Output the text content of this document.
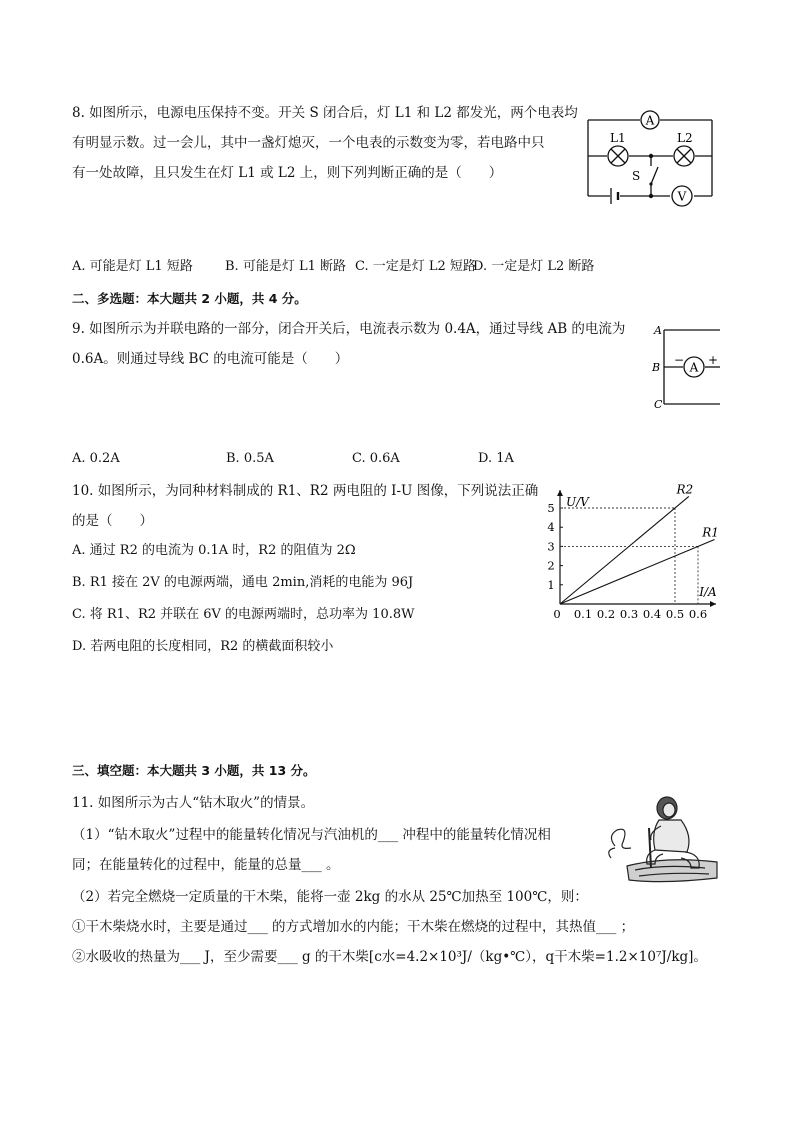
8. 如图所示，电源电压保持不变。开关 S 闭合后，灯 L1 和 L2 都发光，两个电表均
有明显示数。过一会儿，其中一盏灯熄灭，一个电表的示数变为零，若电路中只
有一处故障，且只发生在灯 L1 或 L2 上，则下列判断正确的是（　　）
A
V
L1	L2
S
A. 可能是灯 L1 短路 B. 可能是灯 L1 断路 C. 一定是灯 L2 短路
D. 一定是灯 L2 断路
二、多选题：本大题共 2 小题，共 4 分。
9. 如图所示为并联电路的一部分，闭合开关后，电流表示数为 0.4A，通过导线 AB 的电流为
0.6A。则通过导线 BC 的电流可能是（　　）
A
B
C
A
− +
A. 0.2A	B. 0.5A	C. 0.6A	D. 1A
10. 如图所示，为同种材料制成的 R1、R2 两电阻的 I-U 图像，下列说法正确
的是（　　）
A. 通过 R2 的电流为 0.1A 时，R2 的阻值为 2Ω
B. R1 接在 2V 的电源两端，通电 2min,消耗的电能为 96J
C. 将 R1、R2 并联在 6V 的电源两端时，总功率为 10.8W
D. 若两电阻的长度相同，R2 的横截面积较小
0 0.1 0.2 0.3 0.4 0.5 0.6
1
2
3
4
5 U/V
I/A
R2
R1
三、填空题：本大题共 3 小题，共 13 分。
11. 如图所示为古人“钻木取火”的情景。
（1）“钻木取火”过程中的能量转化情况与汽油机的___ 冲程中的能量转化情况相
同；在能量转化的过程中，能量的总量___ 。
（2）若完全燃烧一定质量的干木柴，能将一壶 2kg 的水从 25℃加热至 100℃，则：
①干木柴烧水时，主要是通过___ 的方式增加水的内能；干木柴在燃烧的过程中，其热值___ ；
②水吸收的热量为___ J，至少需要___ g 的干木柴[c水=4.2×10³J/（kg•℃），q干木柴=1.2×10⁷J/kg]。
